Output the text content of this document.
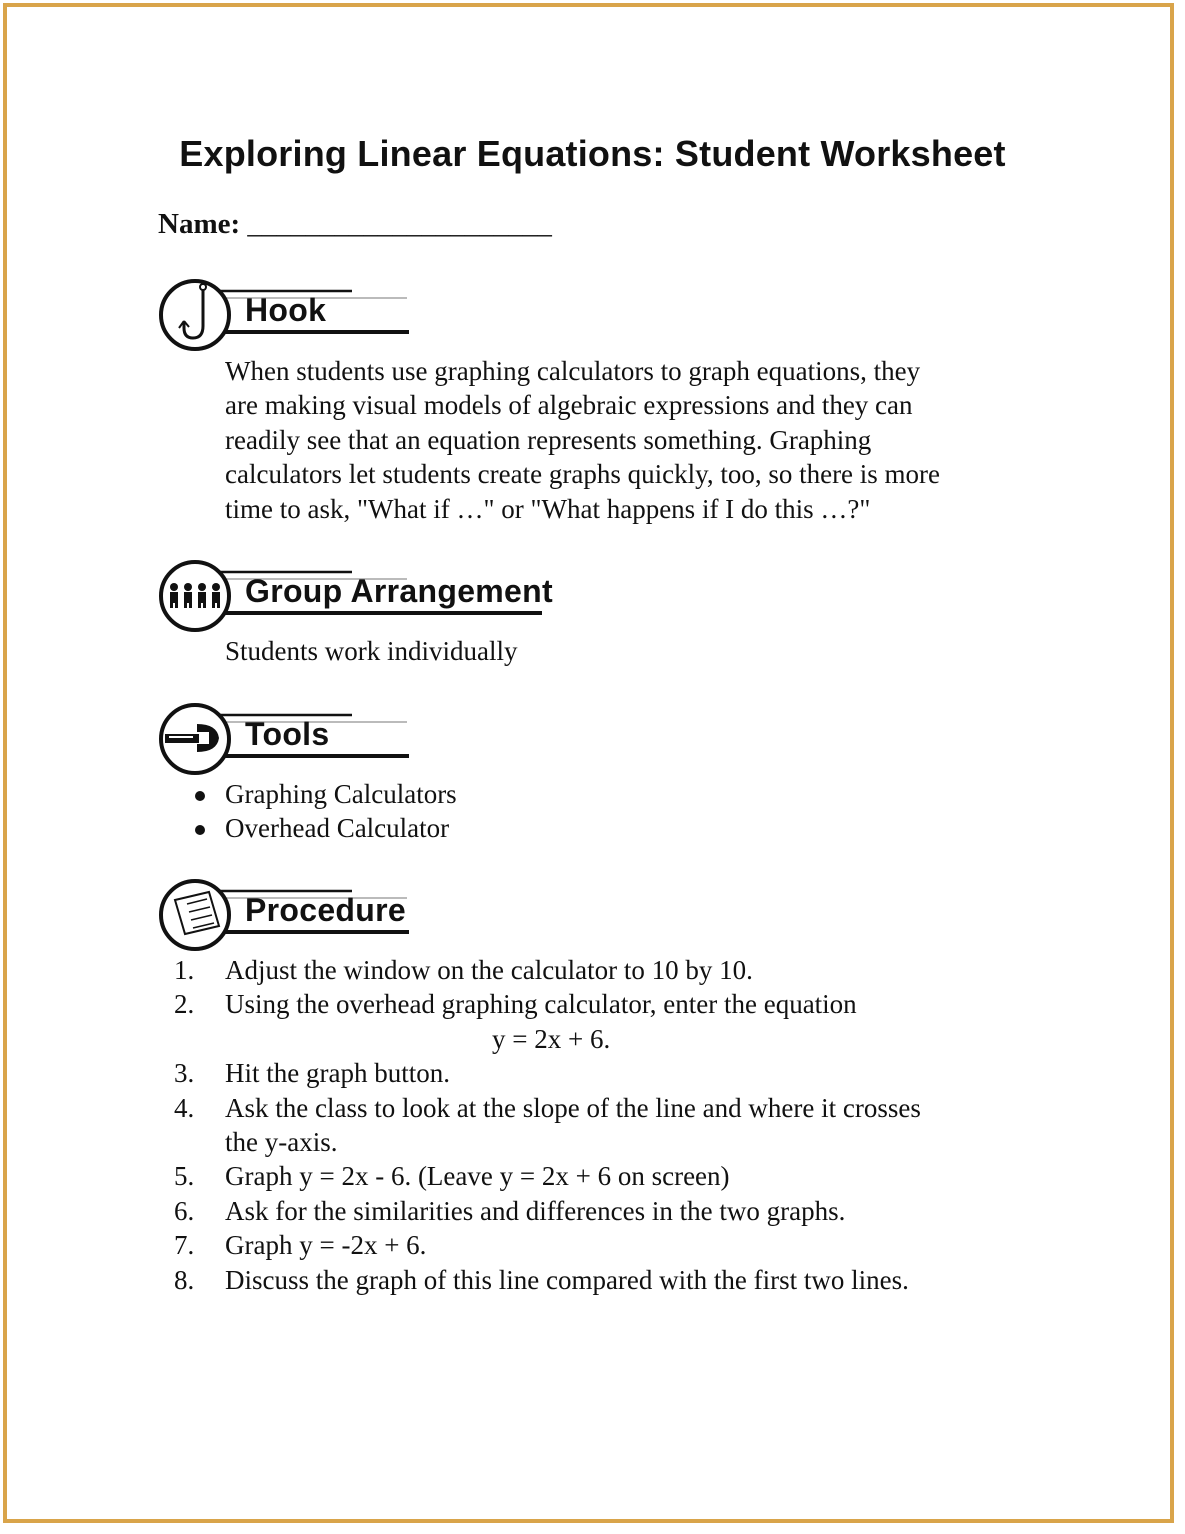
Exploring Linear Equations: Student Worksheet
Name: _____________________
Hook
When students use graphing calculators to graph equations, they
are making visual models of algebraic expressions and they can
readily see that an equation represents something. Graphing
calculators let students create graphs quickly, too, so there is more
time to ask, "What if …" or "What happens if I do this …?"
Group Arrangement
Students work individually
Tools
Graphing Calculators
Overhead Calculator
Procedure
1. Adjust the window on the calculator to 10 by 10.
2. Using the overhead graphing calculator, enter the equation
y = 2x + 6.
3. Hit the graph button.
4. Ask the class to look at the slope of the line and where it crosses
the y-axis.
5. Graph y = 2x - 6. (Leave y = 2x + 6 on screen)
6. Ask for the similarities and differences in the two graphs.
7. Graph y = -2x + 6.
8. Discuss the graph of this line compared with the first two lines.
